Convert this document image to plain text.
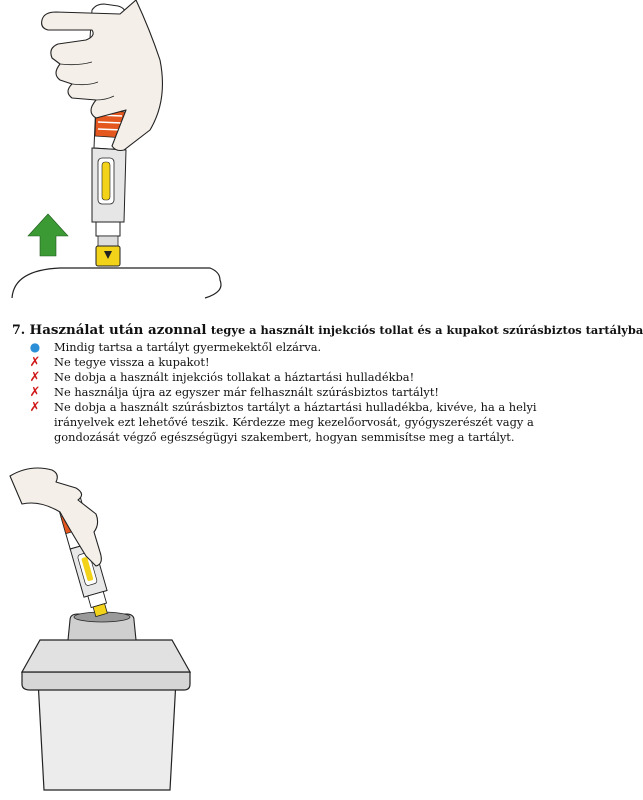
7. Használat után azonnal tegye a használt injekciós tollat és a kupakot szúrásbiztos tartályba
● Mindig tartsa a tartályt gyermekektől elzárva.
✗ Ne tegye vissza a kupakot!
✗ Ne dobja a használt injekciós tollakat a háztartási hulladékba!
✗ Ne használja újra az egyszer már felhasznált szúrásbiztos tartályt!
✗ Ne dobja a használt szúrásbiztos tartályt a háztartási hulladékba, kivéve, ha a helyi irányelvek ezt lehetővé teszik. Kérdezze meg kezelőorvosát, gyógyszerészét vagy a gondozását végző egészségügyi szakembert, hogyan semmisítse meg a tartályt.
